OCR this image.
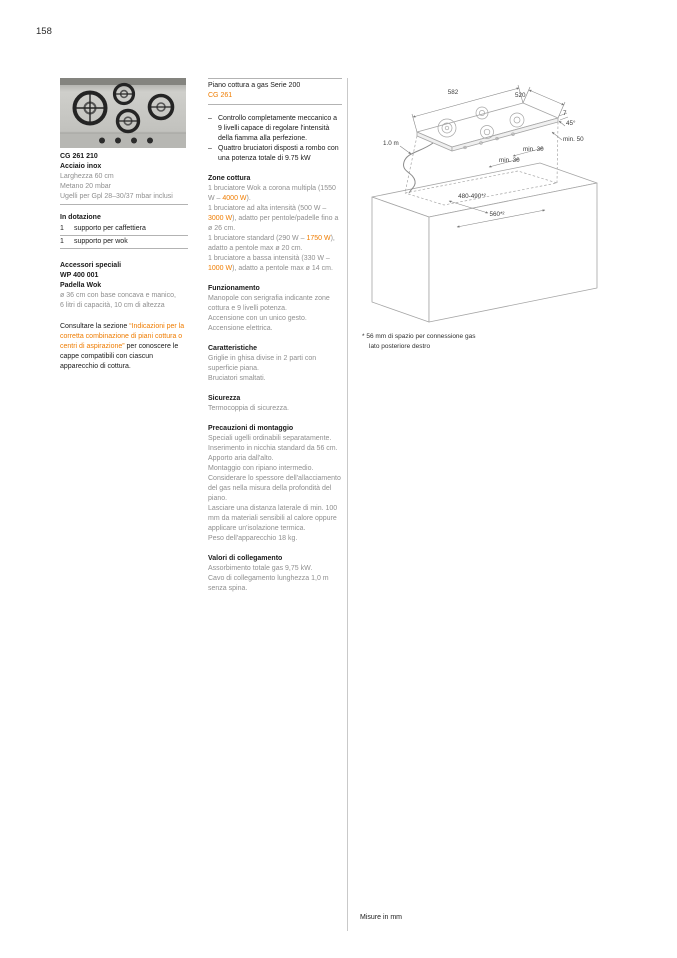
158

CG 261 210

Acciaio inox

Larghezza 60 cm

Metano 20 mbar

Ugelli per Gpl 28–30/37 mbar inclusi

In dotazione

1	supporto per caffettiera
1	supporto per wok

Accessori speciali

WP 400 001

Padella Wok

ø 36 cm con base concava e manico,

6 litri di capacità, 10 cm di altezza

Consultare la sezione “Indicazioni per la corretta combinazione di piani cottura o centri di aspirazione” per conoscere le cappe compatibili con ciascun apparecchio di cottura.

Piano cottura a gas Serie 200

CG 261

– Controllo completamente meccanico a 9 livelli capace di regolare l'intensità della fiamma alla perfezione.

– Quattro bruciatori disposti a rombo con una potenza totale di 9.75 kW

Zone cottura

1 bruciatore Wok a corona multipla (1550 W – 4000 W).

1 bruciatore ad alta intensità (500 W – 3000 W), adatto per pentole/padelle fino a ø 26 cm.

1 bruciatore standard (290 W – 1750 W), adatto a pentole max ø 20 cm.

1 bruciatore a bassa intensità (330 W – 1000 W), adatto a pentole max ø 14 cm.

Funzionamento

Manopole con serigrafia indicante zone cottura e 9 livelli potenza.

Accensione con un unico gesto.

Accensione elettrica.

Caratteristiche

Griglie in ghisa divise in 2 parti con superficie piana.

Bruciatori smaltati.

Sicurezza

Termocoppia di sicurezza.

Precauzioni di montaggio

Speciali ugelli ordinabili separatamente.

Inserimento in nicchia standard da 56 cm.

Apporto aria dall'alto.

Montaggio con ripiano intermedio.

Considerare lo spessore dell'allacciamento del gas nella misura della profondità del piano.

Lasciare una distanza laterale di min. 100 mm da materiali sensibili al calore oppure applicare un'isolazione termica.

Peso dell'apparecchio 18 kg.

Valori di collegamento

Assorbimento totale gas 9,75 kW.

Cavo di collegamento lunghezza 1,0 m senza spina.

582	520
7
45°
min. 50
1.0 m
min. 30
min. 30
480-490*²
560*²

* 56 mm di spazio per connessione gas

lato posteriore destro

Misure in mm
